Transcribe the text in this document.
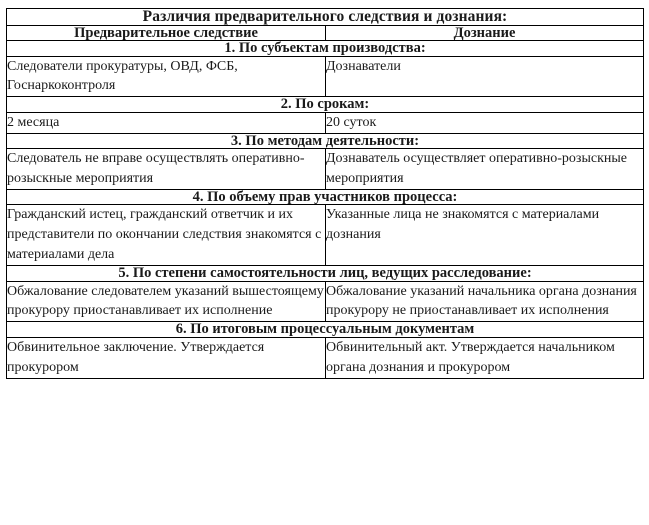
Различия предварительного следствия и дознания:	
Предварительное следствие	Дознание
1. По субъектам производства:	
Следователи прокуратуры, ОВД, ФСБ, Госнаркоконтроля	Дознаватели
2. По срокам:	
2 месяца	20 суток
3. По методам деятельности:	
Следователь не вправе осуществлять оперативно-розыскные мероприятия	Дознаватель осуществляет оперативно-розыскные мероприятия
4. По объему прав участников процесса:	
Гражданский истец, гражданский ответчик и их представители по окончании следствия знакомятся с материалами дела	Указанные лица не знакомятся с материалами дознания
5. По степени самостоятельности лиц, ведущих расследование:	
Обжалование следователем указаний вышестоящему прокурору приостанавливает их исполнение	Обжалование указаний начальника органа дознания прокурору не приостанавливает их исполнения
6. По итоговым процессуальным документам	
Обвинительное заключение. Утверждается прокурором	Обвинительный акт. Утверждается начальником органа дознания и прокурором
